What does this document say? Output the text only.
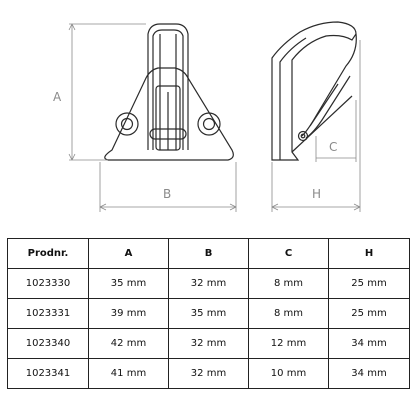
A
B
C
H
Prodnr.	A	B	C	H
1023330	35 mm	32 mm	8 mm	25 mm
1023331	39 mm	35 mm	8 mm	25 mm
1023340	42 mm	32 mm	12 mm	34 mm
1023341	41 mm	32 mm	10 mm	34 mm
